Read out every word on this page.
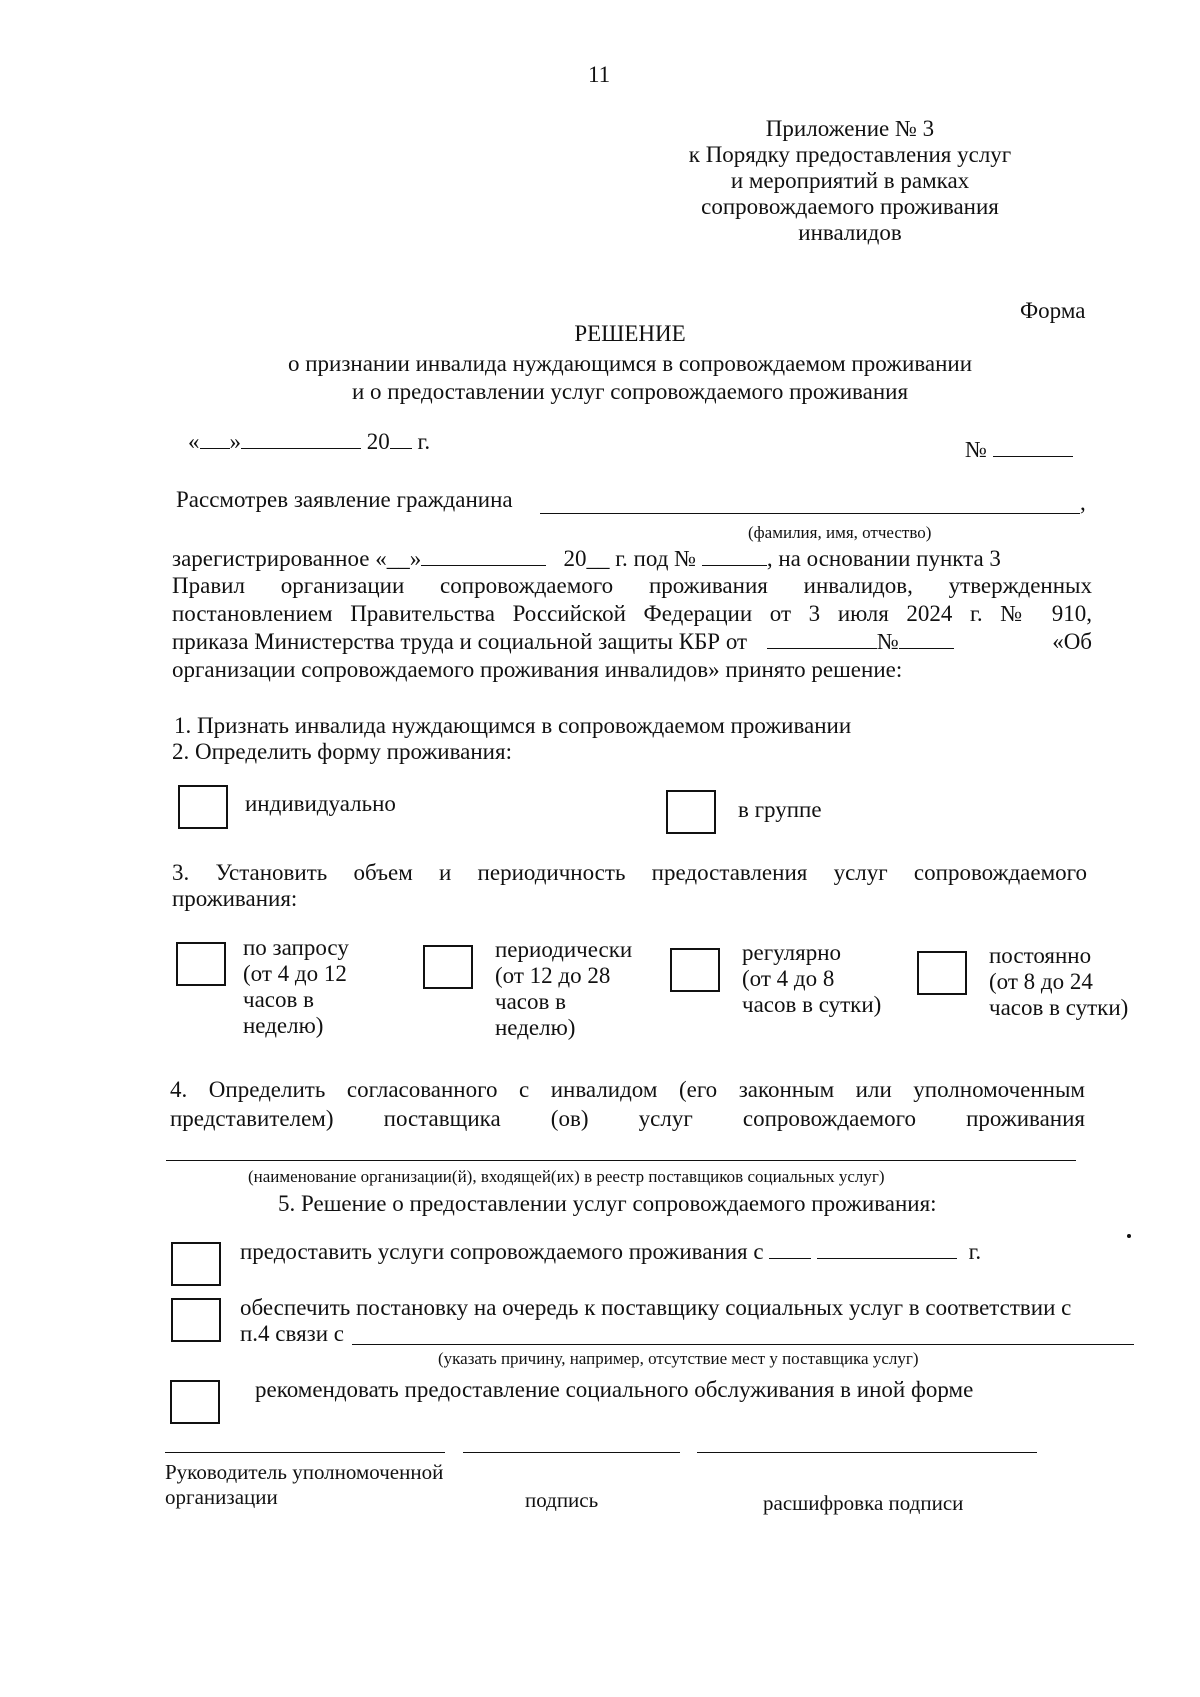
11
Приложение № 3
к Порядку предоставления услуг
и мероприятий в рамках
сопровождаемого проживания
инвалидов
Форма
РЕШЕНИЕ
о признании инвалида нуждающимся в сопровождаемом проживании
и о предоставлении услуг сопровождаемого проживания
« »	20 г.	№
Рассмотрев заявление гражданина	,
(фамилия, имя, отчество)
зарегистрированное «__»	20__ г. под №	, на основании пункта 3
Правил организации сопровождаемого проживания инвалидов, утвержденных
постановлением Правительства Российской Федерации от 3 июля 2024 г. № 910,
приказа Министерства труда и социальной защиты КБР от	№	«Об
организации сопровождаемого проживания инвалидов» принято решение:
1. Признать инвалида нуждающимся в сопровождаемом проживании
2. Определить форму проживания:
индивидуально	в группе
3. Установить объем и периодичность предоставления услуг сопровождаемого
проживания:
по запросу
(от 4 до 12
часов в
неделю)
периодически
(от 12 до 28
часов в
неделю)
регулярно
(от 4 до 8
часов в сутки)
постоянно
(от 8 до 24
часов в сутки)
4. Определить согласованного с инвалидом (его законным или уполномоченным
представителем) поставщика (ов) услуг сопровождаемого проживания
(наименование организации(й), входящей(их) в реестр поставщиков социальных услуг)
5. Решение о предоставлении услуг сопровождаемого проживания:
предоставить услуги сопровождаемого проживания с	г.
обеспечить постановку на очередь к поставщику социальных услуг в соответствии с
п.4 связи с
(указать причину, например, отсутствие мест у поставщика услуг)
рекомендовать предоставление социального обслуживания в иной форме
Руководитель уполномоченной
организации	подпись	расшифровка подписи
